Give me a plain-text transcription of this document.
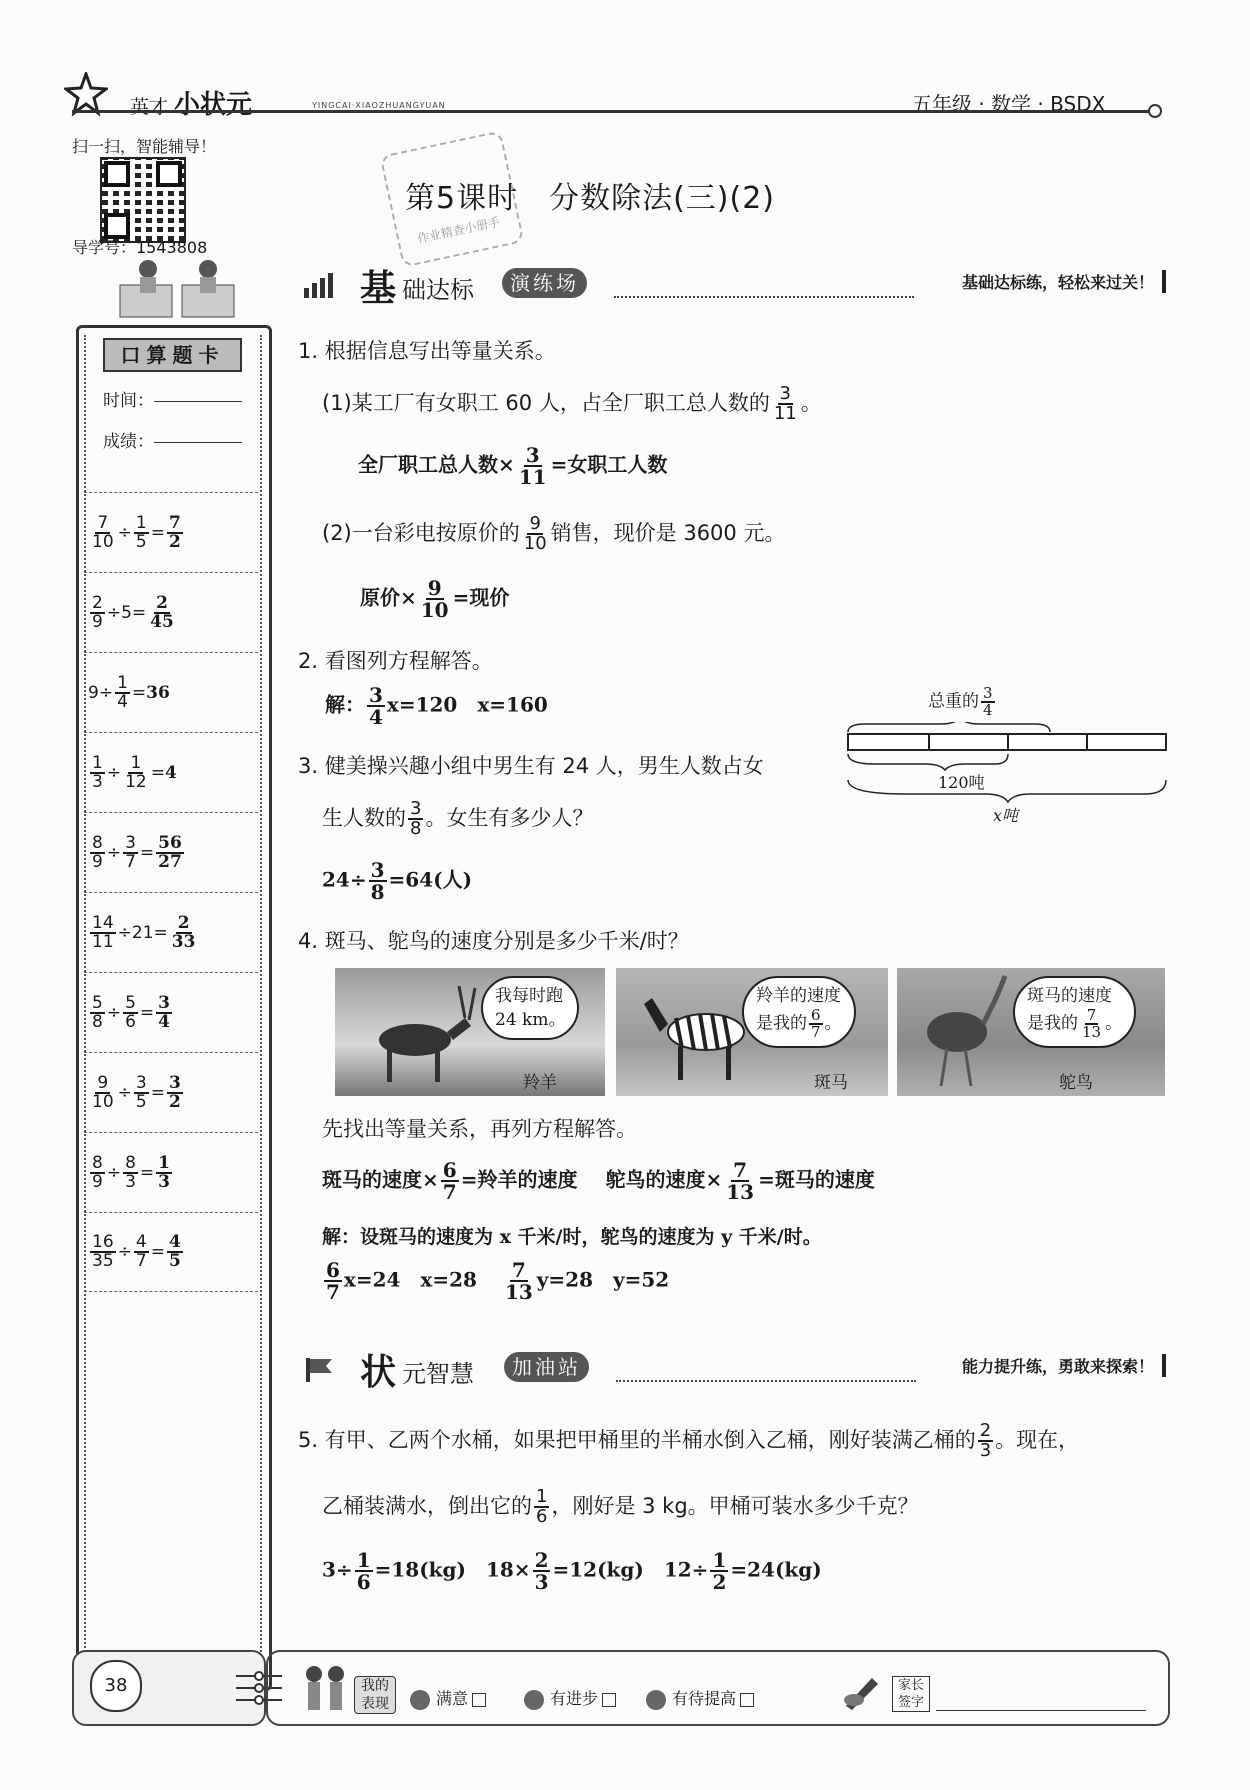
英才 小状元	YINGCAI·XIAOZHUANGYUAN	五年级 · 数学 · BSDX
扫一扫，智能辅导！
导学号：1543808
口算题卡
时间：
成绩：
$\frac{7}{10} \div \frac{1}{5} = \frac{7}{2}$
$\frac{2}{9} \div 5 = \frac{2}{45}$
$9 \div \frac{1}{4} = 36$
$\frac{1}{3} \div \frac{1}{12} = 4$
$\frac{8}{9} \div \frac{3}{7} = \frac{56}{27}$
$\frac{14}{11} \div 21 = \frac{2}{33}$
$\frac{5}{8} \div \frac{5}{6} = \frac{3}{4}$
$\frac{9}{10} \div \frac{3}{5} = \frac{3}{2}$
$\frac{8}{9} \div \frac{8}{3} = \frac{1}{3}$
$\frac{16}{35} \div \frac{4}{7} = \frac{4}{5}$
作业精查小册手
第5课时　分数除法(三)(2)
基 础达标	演练场	基础达标练，轻松来过关！
1. 根据信息写出等量关系。
(1)某工厂有女职工 60 人，占全厂职工总人数的 $\frac{3}{11}$ 。
全厂职工总人数× $\frac{3}{11}$ =女职工人数
(2)一台彩电按原价的 $\frac{9}{10}$ 销售，现价是 3600 元。
原价× $\frac{9}{10}$ =现价
2. 看图列方程解答。
解： $\frac{3}{4} x=120$　x=160	总重的 $\frac{3}{4}$
120吨
x吨
3. 健美操兴趣小组中男生有 24 人，男生人数占女
生人数的 $\frac{3}{8}$ 。女生有多少人？
$24\div \frac{3}{8} =64$(人)
4. 斑马、鸵鸟的速度分别是多少千米/时？
我每时跑
24 km。
羚羊
羚羊的速度
是我的 $\frac{6}{7}$ 。
斑马
斑马的速度
是我的 $\frac{7}{13}$ 。
鸵鸟
先找出等量关系，再列方程解答。
斑马的速度× $\frac{6}{7}$ =羚羊的速度 鸵鸟的速度× $\frac{7}{13}$ =斑马的速度
解：设斑马的速度为 x 千米/时，鸵鸟的速度为 y 千米/时。
$\frac{6}{7} x=24$　$x=28 \frac{7}{13} y=28$　y=52
状 元智慧	加油站	能力提升练，勇敢来探索！
5. 有甲、乙两个水桶，如果把甲桶里的半桶水倒入乙桶，刚好装满乙桶的 $\frac{2}{3}$ 。现在，
乙桶装满水，倒出它的 $\frac{1}{6}$ ，刚好是 3 kg。甲桶可装水多少千克？
$3\div \frac{1}{6} =18(kg)$　$18\times \frac{2}{3} =12(kg)$　$12\div \frac{1}{2} =24(kg)$
38	我的表现	满意	有进步	有待提高
家长签字
